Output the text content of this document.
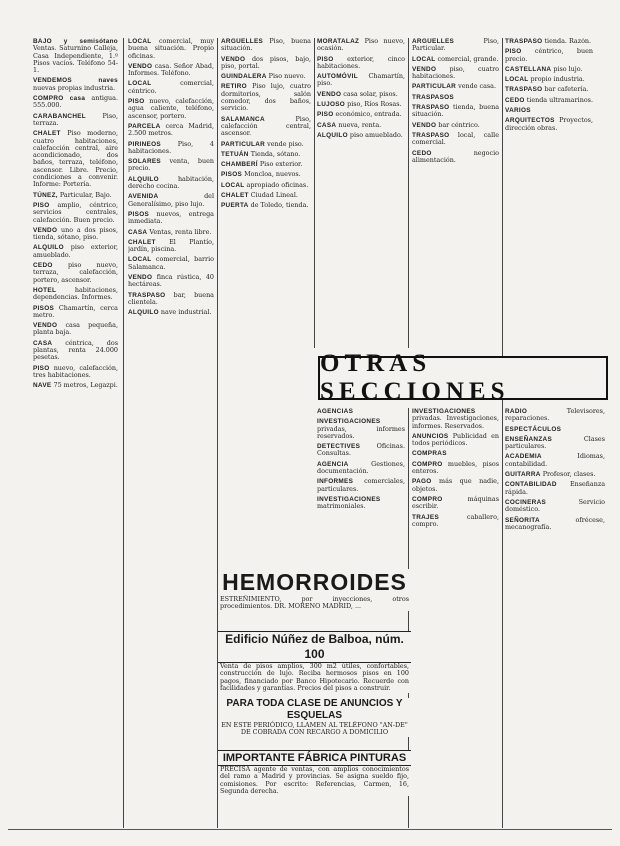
BAJO y semisótano Ventas. Saturnino Calleja, Casa Independiente, 1.º Pisos vacíos. Teléfono 54-1.

VENDEMOS naves nuevas propias industria.

COMPRO casa antigua. 555.000.

CARABANCHEL Piso, terraza.

CHALET Piso moderno, cuatro habitaciones, calefacción central, aire acondicionado, dos baños, terraza, teléfono, ascensor. Libre. Precio, condiciones a convenir. Informe: Portería.

TÚNEZ, Particular, Bajo.

PISO amplio, céntrico, servicios centrales, calefacción. Buen precio.

VENDO uno a dos pisos, tienda, sótano, piso.

ALQUILO piso exterior, amueblado.

CEDO piso nuevo, terraza, calefacción, portero, ascensor.

HOTEL habitaciones, dependencias. Informes.

PISOS Chamartín, cerca metro.

VENDO casa pequeña, planta baja.

CASA céntrica, dos plantas, renta 24.000 pesetas.

PISO nuevo, calefacción, tres habitaciones.

NAVE 75 metros, Legazpi.

LOCAL comercial, muy buena situación. Propio oficinas.

VENDO casa. Señor Abad, Informes. Teléfono.

LOCAL comercial, céntrico.

PISO nuevo, calefacción, agua caliente, teléfono, ascensor, portero.

PARCELA cerca Madrid, 2.500 metros.

PIRINEOS Piso, 4 habitaciones.

SOLARES venta, buen precio.

ALQUILO habitación, derecho cocina.

AVENIDA del Generalísimo, piso lujo.

PISOS nuevos, entrega inmediata.

CASA Ventas, renta libre.

CHALET El Plantío, jardín, piscina.

LOCAL comercial, barrio Salamanca.

VENDO finca rústica, 40 hectáreas.

TRASPASO bar, buena clientela.

ALQUILO nave industrial.

ARGÜELLES Piso, buena situación.

VENDO dos pisos, bajo, piso, portal.

GUINDALERA Piso nuevo.

RETIRO Piso lujo, cuatro dormitorios, salón comedor, dos baños, servicio.

SALAMANCA Piso, calefacción central, ascensor.

PARTICULAR vende piso.

TETUÁN Tienda, sótano.

CHAMBERÍ Piso exterior.

PISOS Moncloa, nuevos.

LOCAL apropiado oficinas.

CHALET Ciudad Lineal.

PUERTA de Toledo, tienda.

MORATALAZ Piso nuevo, ocasión.

PISO exterior, cinco habitaciones.

AUTOMÓVIL Chamartín, piso.

VENDO casa solar, pisos.

LUJOSO piso, Ríos Rosas.

PISO económico, entrada.

CASA nueva, renta.

ALQUILO piso amueblado.

ARGÜELLES Piso, Particular.

LOCAL comercial, grande.

VENDO piso, cuatro habitaciones.

PARTICULAR vende casa.

TRASPASOS

TRASPASO tienda, buena situación.

VENDO bar céntrico.

TRASPASO local, calle comercial.

CEDO negocio alimentación.

TRASPASO tienda. Razón.

PISO céntrico, buen precio.

CASTELLANA piso lujo.

LOCAL propio industria.

TRASPASO bar cafetería.

CEDO tienda ultramarinos.

VARIOS

ARQUITECTOS Proyectos, dirección obras.

OTRAS SECCIONES

AGENCIAS

INVESTIGACIONES privadas, informes reservados.

DETECTIVES Oficinas. Consultas.

AGENCIA Gestiones, documentación.

INFORMES comerciales, particulares.

INVESTIGACIONES matrimoniales.

INVESTIGACIONES privadas. Investigaciones, informes. Reservados.

ANUNCIOS Publicidad en todos periódicos.

COMPRAS

COMPRO muebles, pisos enteros.

PAGO más que nadie, objetos.

COMPRO máquinas escribir.

TRAJES caballero, compro.

RADIO Televisores, reparaciones.

ESPECTÁCULOS

ENSEÑANZAS Clases particulares.

ACADEMIA Idiomas, contabilidad.

GUITARRA Profesor, clases.

CONTABILIDAD Enseñanza rápida.

COCINERAS Servicio doméstico.

SEÑORITA ofrécese, mecanografía.

HEMORROIDES
ESTREÑIMIENTO, por inyecciones, otros procedimientos. DR. MORENO MADRID, ...
Edificio Núñez de Balboa, núm. 100
Venta de pisos amplios, 300 m2 útiles, confortables, construcción de lujo. Reciba hermosos pisos en 100 pagos, financiado por Banco Hipotecario. Recuerde con facilidades y garantías. Precios del pisos a construir.
PARA TODA CLASE DE ANUNCIOS Y ESQUELAS
EN ESTE PERIÓDICO, LLAMEN AL TELÉFONO "AN-DE" DE COBRADA CON RECARGO A DOMICILIO
IMPORTANTE FÁBRICA PINTURAS
PRECISA agente de ventas, con amplios conocimientos del ramo a Madrid y provincias. Se asigna sueldo fijo, comisiones. Por escrito: Referencias, Carmen, 16, Segunda derecha.
